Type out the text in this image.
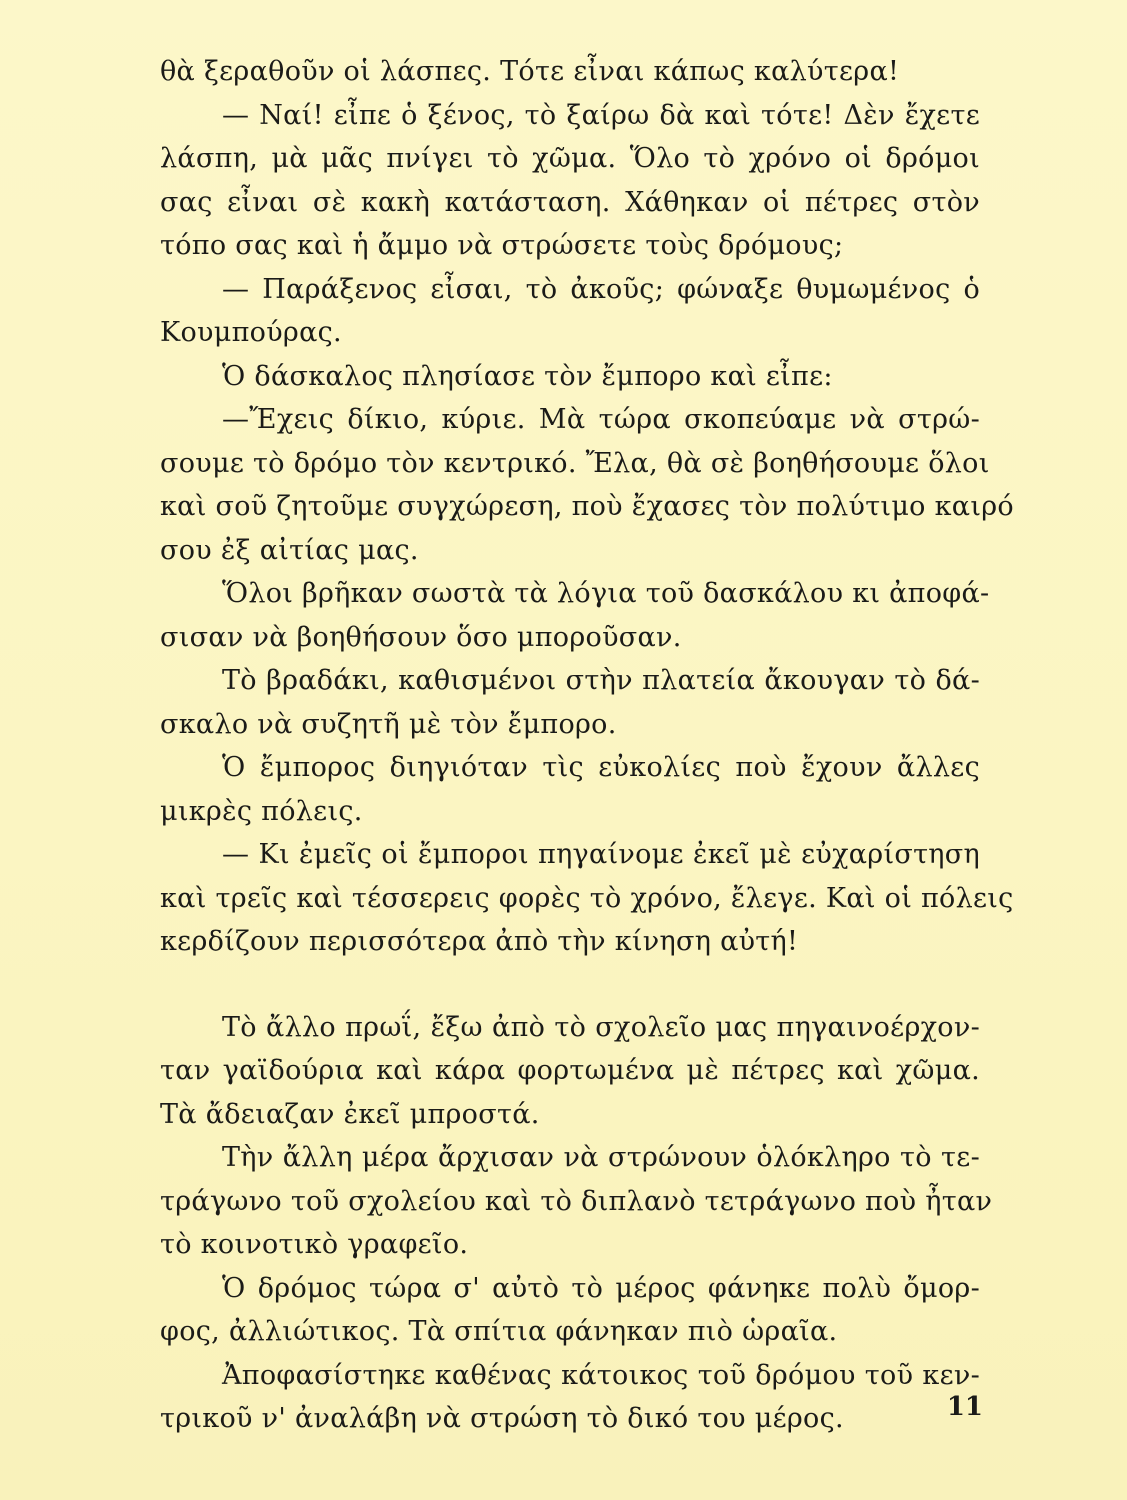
θὰ ξεραθοῦν οἱ λάσπες. Τότε εἶναι κάπως καλύτερα!
— Ναί! εἶπε ὁ ξένος, τὸ ξαίρω δὰ καὶ τότε! Δὲν ἔχετε
λάσπη, μὰ μᾶς πνίγει τὸ χῶμα. Ὅλο τὸ χρόνο οἱ δρόμοι
σας εἶναι σὲ κακὴ κατάσταση. Χάθηκαν οἱ πέτρες στὸν
τόπο σας καὶ ἡ ἄμμο νὰ στρώσετε τοὺς δρόμους;
— Παράξενος εἶσαι, τὸ ἀκοῦς; φώναξε θυμωμένος ὁ
Κουμπούρας.
Ὁ δάσκαλος πλησίασε τὸν ἔμπορο καὶ εἶπε:
—Ἔχεις δίκιο, κύριε. Μὰ τώρα σκοπεύαμε νὰ στρώ-
σουμε τὸ δρόμο τὸν κεντρικό. Ἔλα, θὰ σὲ βοηθήσουμε ὅλοι
καὶ σοῦ ζητοῦμε συγχώρεση, ποὺ ἔχασες τὸν πολύτιμο καιρό
σου ἐξ αἰτίας μας.
Ὅλοι βρῆκαν σωστὰ τὰ λόγια τοῦ δασκάλου κι ἀποφά-
σισαν νὰ βοηθήσουν ὅσο μποροῦσαν.
Τὸ βραδάκι, καθισμένοι στὴν πλατεία ἄκουγαν τὸ δά-
σκαλο νὰ συζητῆ μὲ τὸν ἔμπορο.
Ὁ ἔμπορος διηγιόταν τὶς εὐκολίες ποὺ ἔχουν ἄλλες
μικρὲς πόλεις.
— Κι ἐμεῖς οἱ ἔμποροι πηγαίνομε ἐκεῖ μὲ εὐχαρίστηση
καὶ τρεῖς καὶ τέσσερεις φορὲς τὸ χρόνο, ἔλεγε. Καὶ οἱ πόλεις
κερδίζουν περισσότερα ἀπὸ τὴν κίνηση αὐτή!
Τὸ ἄλλο πρωΐ, ἔξω ἀπὸ τὸ σχολεῖο μας πηγαινοέρχον-
ταν γαϊδούρια καὶ κάρα φορτωμένα μὲ πέτρες καὶ χῶμα.
Τὰ ἄδειαζαν ἐκεῖ μπροστά.
Τὴν ἄλλη μέρα ἄρχισαν νὰ στρώνουν ὁλόκληρο τὸ τε-
τράγωνο τοῦ σχολείου καὶ τὸ διπλανὸ τετράγωνο ποὺ ἦταν
τὸ κοινοτικὸ γραφεῖο.
Ὁ δρόμος τώρα σ' αὐτὸ τὸ μέρος φάνηκε πολὺ ὄμορ-
φος, ἀλλιώτικος. Τὰ σπίτια φάνηκαν πιὸ ὡραῖα.
Ἀποφασίστηκε καθένας κάτοικος τοῦ δρόμου τοῦ κεν-
τρικοῦ ν' ἀναλάβη νὰ στρώση τὸ δικό του μέρος.	11
